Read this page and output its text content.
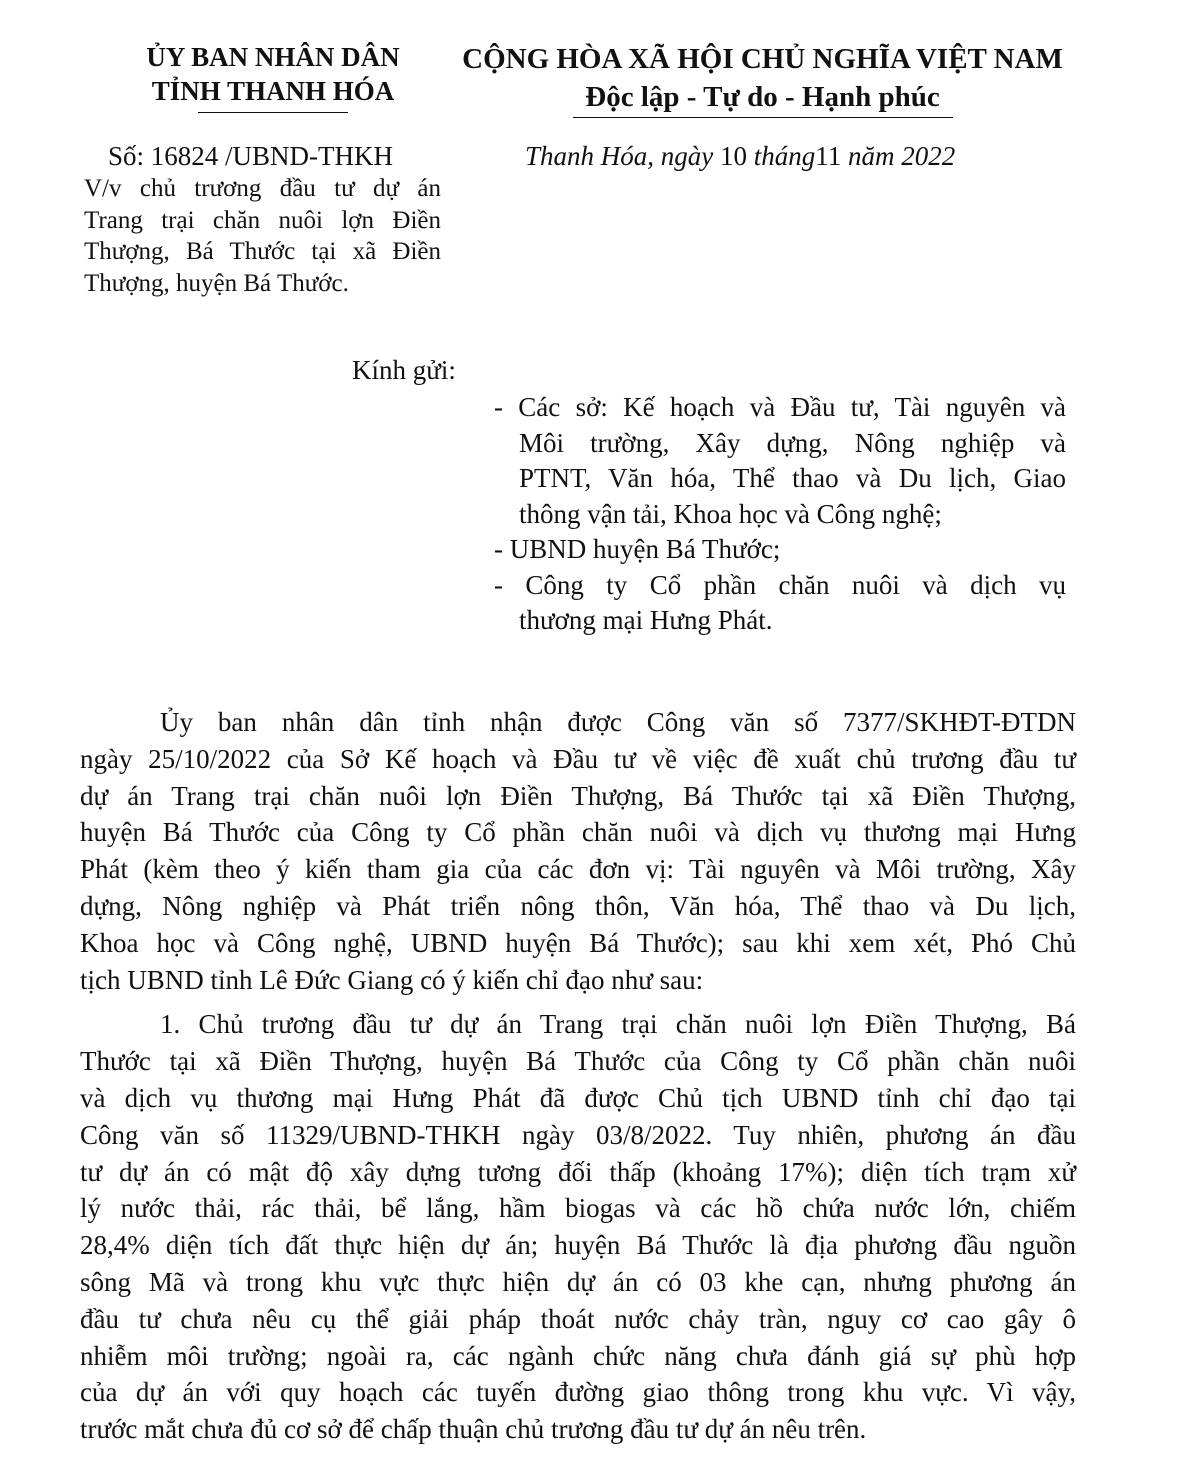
ỦY BAN NHÂN DÂN
TỈNH THANH HÓA
CỘNG HÒA XÃ HỘI CHỦ NGHĨA VIỆT NAM
Độc lập - Tự do - Hạnh phúc
Số: 16824 /UBND-THKH	Thanh Hóa, ngày 10 tháng11 năm 2022
V/v chủ trương đầu tư dự án
Trang trại chăn nuôi lợn Điền
Thượng, Bá Thước tại xã Điền
Thượng, huyện Bá Thước.
Kính gửi:
- Các sở: Kế hoạch và Đầu tư, Tài nguyên và
Môi trường, Xây dựng, Nông nghiệp và
PTNT, Văn hóa, Thể thao và Du lịch, Giao
thông vận tải, Khoa học và Công nghệ;
- UBND huyện Bá Thước;
- Công ty Cổ phần chăn nuôi và dịch vụ
thương mại Hưng Phát.
Ủy ban nhân dân tỉnh nhận được Công văn số 7377/SKHĐT-ĐTDN
ngày 25/10/2022 của Sở Kế hoạch và Đầu tư về việc đề xuất chủ trương đầu tư
dự án Trang trại chăn nuôi lợn Điền Thượng, Bá Thước tại xã Điền Thượng,
huyện Bá Thước của Công ty Cổ phần chăn nuôi và dịch vụ thương mại Hưng
Phát (kèm theo ý kiến tham gia của các đơn vị: Tài nguyên và Môi trường, Xây
dựng, Nông nghiệp và Phát triển nông thôn, Văn hóa, Thể thao và Du lịch,
Khoa học và Công nghệ, UBND huyện Bá Thước); sau khi xem xét, Phó Chủ
tịch UBND tỉnh Lê Đức Giang có ý kiến chỉ đạo như sau:
1. Chủ trương đầu tư dự án Trang trại chăn nuôi lợn Điền Thượng, Bá
Thước tại xã Điền Thượng, huyện Bá Thước của Công ty Cổ phần chăn nuôi
và dịch vụ thương mại Hưng Phát đã được Chủ tịch UBND tỉnh chỉ đạo tại
Công văn số 11329/UBND-THKH ngày 03/8/2022. Tuy nhiên, phương án đầu
tư dự án có mật độ xây dựng tương đối thấp (khoảng 17%); diện tích trạm xử
lý nước thải, rác thải, bể lắng, hầm biogas và các hồ chứa nước lớn, chiếm
28,4% diện tích đất thực hiện dự án; huyện Bá Thước là địa phương đầu nguồn
sông Mã và trong khu vực thực hiện dự án có 03 khe cạn, nhưng phương án
đầu tư chưa nêu cụ thể giải pháp thoát nước chảy tràn, nguy cơ cao gây ô
nhiễm môi trường; ngoài ra, các ngành chức năng chưa đánh giá sự phù hợp
của dự án với quy hoạch các tuyến đường giao thông trong khu vực. Vì vậy,
trước mắt chưa đủ cơ sở để chấp thuận chủ trương đầu tư dự án nêu trên.
